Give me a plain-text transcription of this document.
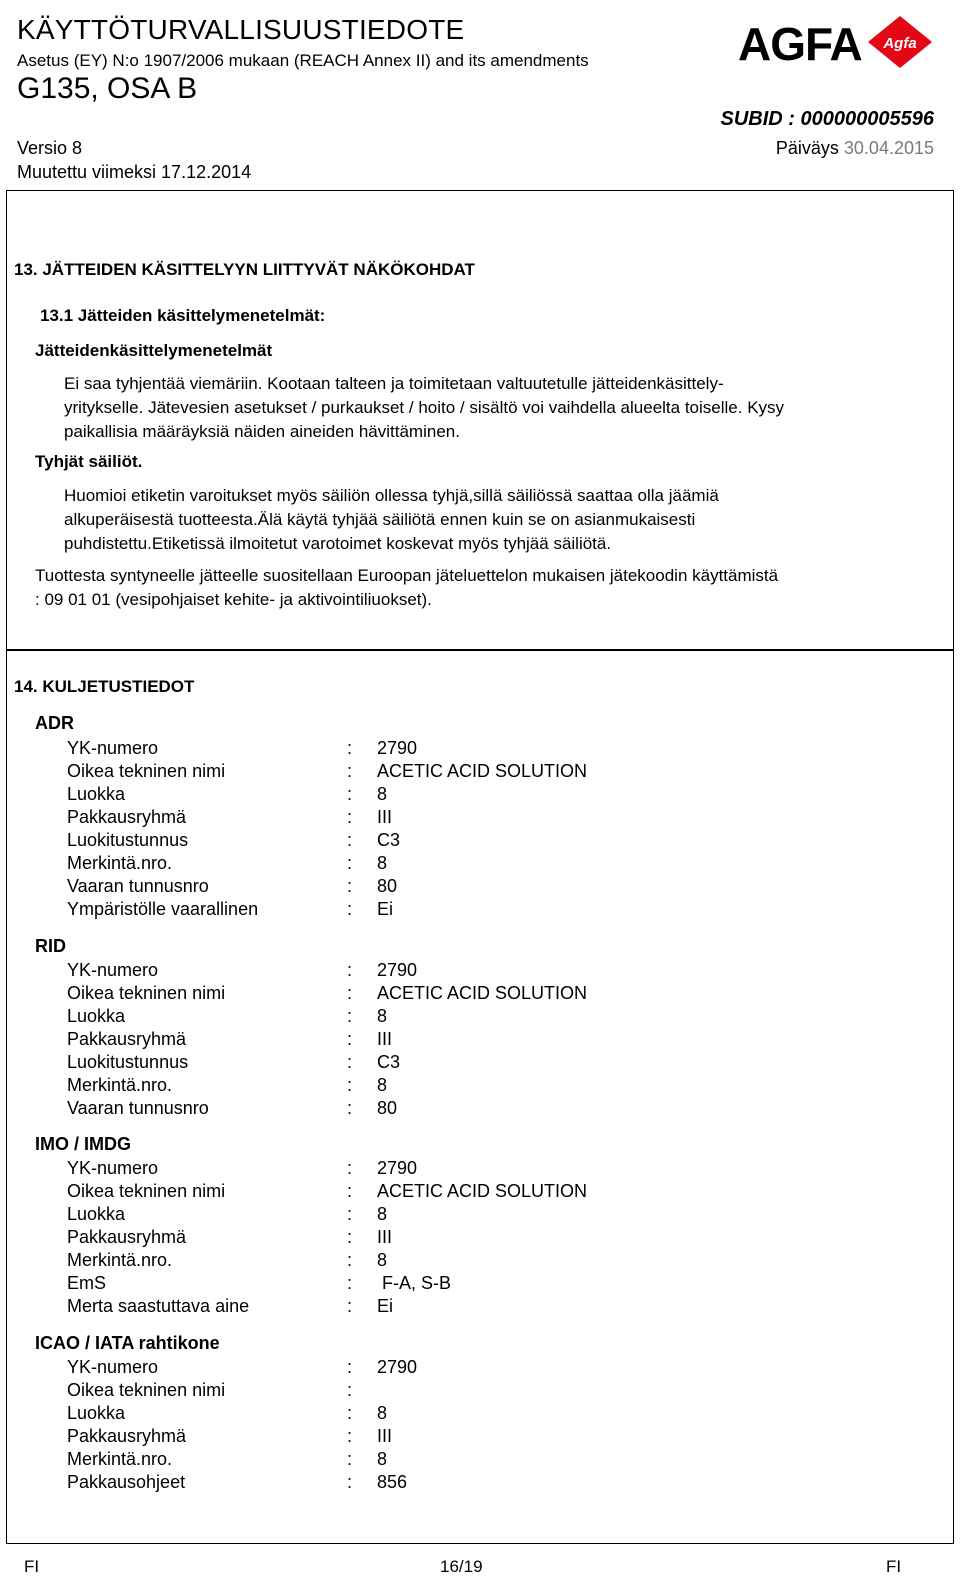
KÄYTTÖTURVALLISUUSTIEDOTE
Asetus (EY) N:o 1907/2006 mukaan (REACH Annex II) and its amendments
G135, OSA B
SUBID : 000000005596
Versio 8	Päiväys 30.04.2015
Muutettu viimeksi 17.12.2014
AGFA Agfa
13. JÄTTEIDEN KÄSITTELYYN LIITTYVÄT NÄKÖKOHDAT
13.1 Jätteiden käsittelymenetelmät:
Jätteidenkäsittelymenetelmät
Ei saa tyhjentää viemäriin. Kootaan talteen ja toimitetaan valtuutetulle jätteidenkäsittely-
yritykselle. Jätevesien asetukset / purkaukset / hoito / sisältö voi vaihdella alueelta toiselle. Kysy
paikallisia määräyksiä näiden aineiden hävittäminen.
Tyhjät säiliöt.
Huomioi etiketin varoitukset myös säiliön ollessa tyhjä,sillä säiliössä saattaa olla jäämiä
alkuperäisestä tuotteesta.Älä käytä tyhjää säiliötä ennen kuin se on asianmukaisesti
puhdistettu.Etiketissä ilmoitetut varotoimet koskevat myös tyhjää säiliötä.
Tuottesta syntyneelle jätteelle suositellaan Euroopan jäteluettelon mukaisen jätekoodin käyttämistä
: 09 01 01 (vesipohjaiset kehite- ja aktivointiliuokset).
14. KULJETUSTIEDOT
ADR
YK-numero	: 2790
Oikea tekninen nimi	: ACETIC ACID SOLUTION
Luokka	: 8
Pakkausryhmä	: III
Luokitustunnus	: C3
Merkintä.nro.	: 8
Vaaran tunnusnro	: 80
Ympäristölle vaarallinen	: Ei
RID
YK-numero	: 2790
Oikea tekninen nimi	: ACETIC ACID SOLUTION
Luokka	: 8
Pakkausryhmä	: III
Luokitustunnus	: C3
Merkintä.nro.	: 8
Vaaran tunnusnro	: 80
IMO / IMDG
YK-numero	: 2790
Oikea tekninen nimi	: ACETIC ACID SOLUTION
Luokka	: 8
Pakkausryhmä	: III
Merkintä.nro.	: 8
EmS	: F-A, S-B
Merta saastuttava aine	: Ei
ICAO / IATA rahtikone
YK-numero	: 2790
Oikea tekninen nimi	:
Luokka	: 8
Pakkausryhmä	: III
Merkintä.nro.	: 8
Pakkausohjeet	: 856
FI	16/19	FI
